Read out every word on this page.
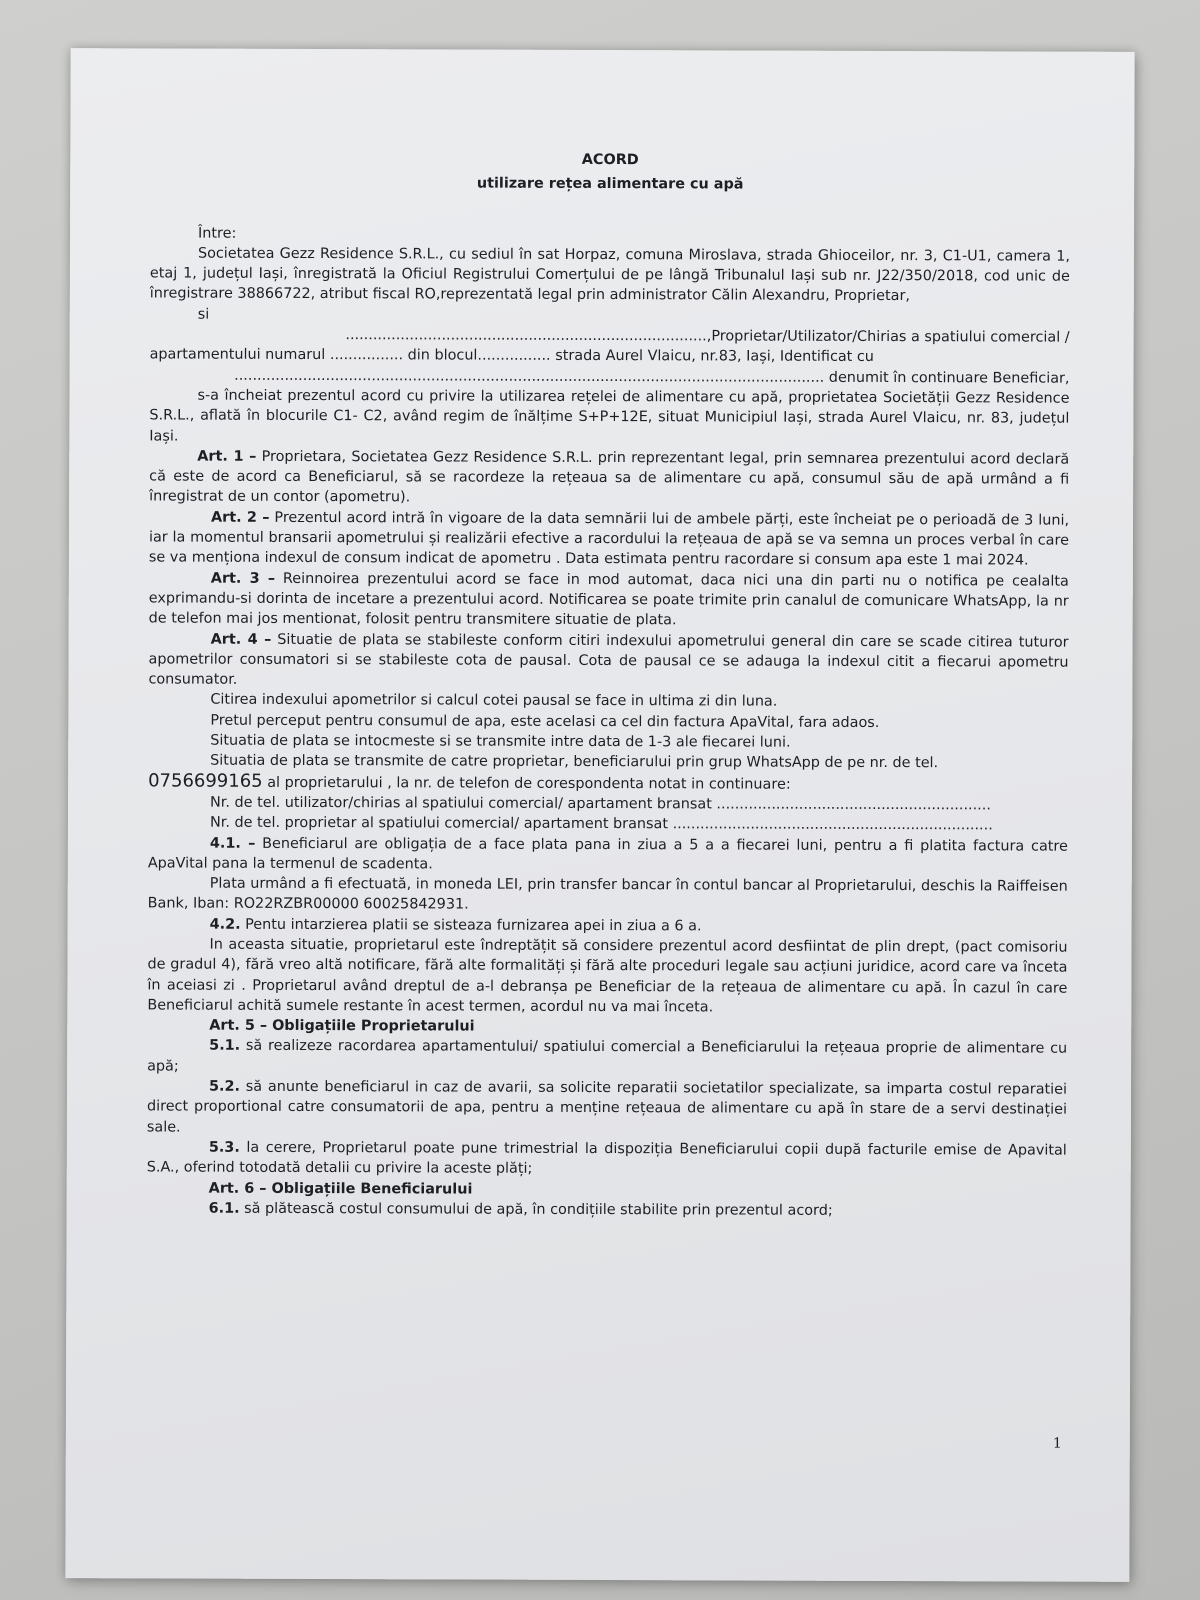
ACORD

utilizare rețea alimentare cu apă

Între:

Societatea Gezz Residence S.R.L., cu sediul în sat Horpaz, comuna Miroslava, strada Ghioceilor, nr. 3, C1-U1, camera 1, etaj 1, județul Iași, înregistrată la Oficiul Registrului Comerțului de pe lângă Tribunalul Iași sub nr. J22/350/2018, cod unic de înregistrare 38866722, atribut fiscal RO,reprezentată legal prin administrator Călin Alexandru, Proprietar,

si

...............................................................................,Proprietar/Utilizator/Chirias a spatiului comercial /

apartamentului numarul ................ din blocul................ strada Aurel Vlaicu, nr.83, Iași, Identificat cu

................................................................................................................................. denumit în continuare Beneficiar,

s-a încheiat prezentul acord cu privire la utilizarea rețelei de alimentare cu apă, proprietatea Societății Gezz Residence S.R.L., aflată în blocurile C1- C2, având regim de înălțime S+P+12E, situat Municipiul Iași, strada Aurel Vlaicu, nr. 83, județul Iași.

Art. 1 – Proprietara, Societatea Gezz Residence S.R.L. prin reprezentant legal, prin semnarea prezentului acord declară că este de acord ca Beneficiarul, să se racordeze la rețeaua sa de alimentare cu apă, consumul său de apă urmând a fi înregistrat de un contor (apometru).

Art. 2 – Prezentul acord intră în vigoare de la data semnării lui de ambele părți, este încheiat pe o perioadă de 3 luni, iar la momentul bransarii apometrului și realizării efective a racordului la rețeaua de apă se va semna un proces verbal în care se va menționa indexul de consum indicat de apometru . Data estimata pentru racordare si consum apa este 1 mai 2024.

Art. 3 – Reinnoirea prezentului acord se face in mod automat, daca nici una din parti nu o notifica pe cealalta exprimandu-si dorinta de incetare a prezentului acord. Notificarea se poate trimite prin canalul de comunicare WhatsApp, la nr de telefon mai jos mentionat, folosit pentru transmitere situatie de plata.

Art. 4 – Situatie de plata se stabileste conform citiri indexului apometrului general din care se scade citirea tuturor apometrilor consumatori si se stabileste cota de pausal. Cota de pausal ce se adauga la indexul citit a fiecarui apometru consumator.

Citirea indexului apometrilor si calcul cotei pausal se face in ultima zi din luna.

Pretul perceput pentru consumul de apa, este acelasi ca cel din factura ApaVital, fara adaos.

Situatia de plata se intocmeste si se transmite intre data de 1-3 ale fiecarei luni.

Situatia de plata se transmite de catre proprietar, beneficiarului prin grup WhatsApp de pe nr. de tel.

0756699165 al proprietarului , la nr. de telefon de corespondenta notat in continuare:

Nr. de tel. utilizator/chirias al spatiului comercial/ apartament bransat ............................................................

Nr. de tel. proprietar al spatiului comercial/ apartament bransat ......................................................................

4.1. – Beneficiarul are obligația de a face plata pana in ziua a 5 a a fiecarei luni, pentru a fi platita factura catre ApaVital pana la termenul de scadenta.

Plata urmând a fi efectuată, in moneda LEI, prin transfer bancar în contul bancar al Proprietarului, deschis la Raiffeisen Bank, Iban: RO22RZBR00000 60025842931.

4.2. Pentu intarzierea platii se sisteaza furnizarea apei in ziua a 6 a.

In aceasta situatie, proprietarul este îndreptățit să considere prezentul acord desfiintat de plin drept, (pact comisoriu de gradul 4), fără vreo altă notificare, fără alte formalități și fără alte proceduri legale sau acțiuni juridice, acord care va înceta în aceiasi zi . Proprietarul având dreptul de a-l debranșa pe Beneficiar de la rețeaua de alimentare cu apă. În cazul în care Beneficiarul achită sumele restante în acest termen, acordul nu va mai înceta.

Art. 5 – Obligațiile Proprietarului

5.1. să realizeze racordarea apartamentului/ spatiului comercial a Beneficiarului la rețeaua proprie de alimentare cu apă;

5.2. să anunte beneficiarul in caz de avarii, sa solicite reparatii societatilor specializate, sa imparta costul reparatiei direct proportional catre consumatorii de apa, pentru a menține rețeaua de alimentare cu apă în stare de a servi destinației sale.

5.3. la cerere, Proprietarul poate pune trimestrial la dispoziția Beneficiarului copii după facturile emise de Apavital S.A., oferind totodată detalii cu privire la aceste plăți;

Art. 6 – Obligațiile Beneficiarului

6.1. să plătească costul consumului de apă, în condițiile stabilite prin prezentul acord;

1
